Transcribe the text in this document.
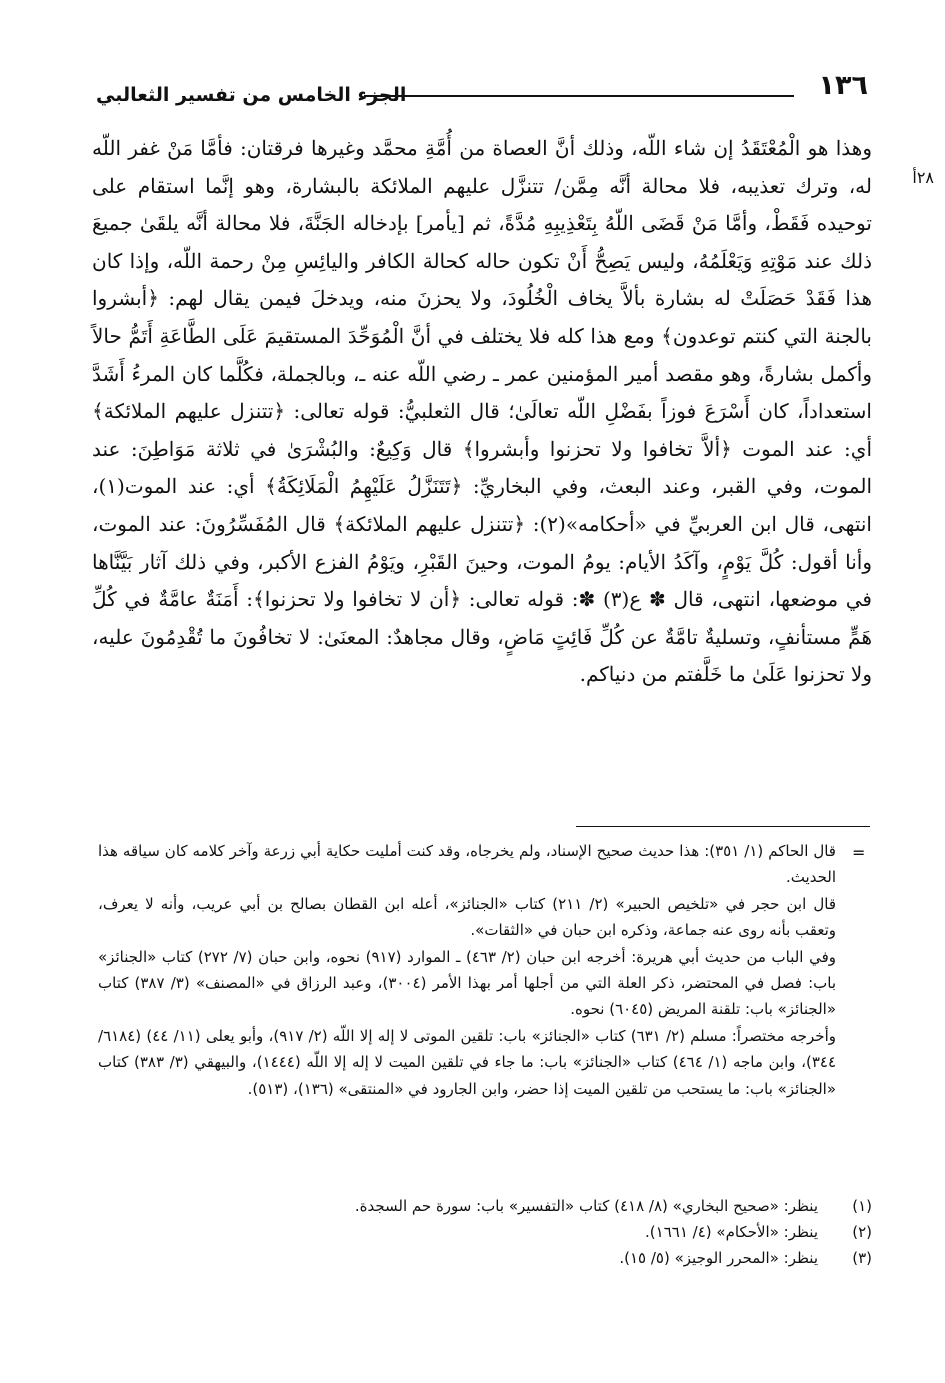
١٣٦
الجزء الخامس من تفسير الثعالبي
٢٨أ

وهذا هو الْمُعْتَقَدُ إن شاء اللّه، وذلك أنَّ العصاة من أُمَّةِ محمَّد وغيرها فرقتان: فأمَّا مَنْ غفر اللّه له، وترك تعذيبه، فلا محالة أنَّه مِمَّن/ تتنزَّل عليهم الملائكة بالبشارة، وهو إنَّما استقام على توحيده فَقَطْ، وأمَّا مَنْ قَضَى اللّهُ بِتَعْذِيبِهِ مُدَّةً، ثم [يأمر] بإدخاله الجَنَّةَ، فلا محالة أنَّه يلقَىٰ جميعَ ذلك عند مَوْتِهِ وَيَعْلَمُهُ، وليس يَصِحُّ أَنْ تكون حاله كحالة الكافر واليائِسِ مِنْ رحمة اللّه، وإذا كان هذا فَقَدْ حَصَلَتْ له بشارة بألاَّ يخاف الْخُلُودَ، ولا يحزنَ منه، ويدخلَ فيمن يقال لهم: ﴿أبشروا بالجنة التي كنتم توعدون﴾ ومع هذا كله فلا يختلف في أنَّ الْمُوَحِّدَ المستقيمَ عَلَى الطَّاعَةِ أَتَمُّ حالاً وأكمل بشارةً، وهو مقصد أمير المؤمنين عمر ـ رضي اللّه عنه ـ، وبالجملة، فكُلَّما كان المرءُ أَشَدَّ استعداداً، كان أَسْرَعَ فوزاً بفَضْلِ اللّه تعالَىٰ؛ قال الثعلبيُّ: قوله تعالى: ﴿تتنزل عليهم الملائكة﴾ أي: عند الموت ﴿ألاَّ تخافوا ولا تحزنوا وأبشروا﴾ قال وَكِيعٌ: والبُشْرَىٰ في ثلاثة مَوَاطِنَ: عند الموت، وفي القبر، وعند البعث، وفي البخاريِّ: ﴿تَتَنَزَّلُ عَلَيْهِمُ الْمَلَائِكَةُ﴾ أي: عند الموت(١)، انتهى، قال ابن العربيِّ في «أحكامه»(٢): ﴿تتنزل عليهم الملائكة﴾ قال المُفَسِّرُونَ: عند الموت، وأنا أقول: كُلَّ يَوْمٍ، وآكَدُ الأيام: يومُ الموت، وحينَ القَبْرِ، ويَوْمُ الفزع الأكبر، وفي ذلك آثار بَيَّنَّاها في موضعها، انتهى، قال ✽ ع(٣) ✽: قوله تعالى: ﴿أن لا تخافوا ولا تحزنوا﴾: أَمَنَةٌ عامَّةٌ في كُلِّ هَمٍّ مستأنفٍ، وتسليةٌ تامَّةٌ عن كُلِّ فَائِتٍ مَاضٍ، وقال مجاهدٌ: المعنَىٰ: لا تخافُونَ ما تُقْدِمُونَ عليه، ولا تحزنوا عَلَىٰ ما خَلَّفتم من دنياكم.

=

قال الحاكم (١/ ٣٥١): هذا حديث صحيح الإسناد، ولم يخرجاه، وقد كنت أمليت حكاية أبي زرعة وآخر كلامه كان سياقه هذا الحديث.

قال ابن حجر في «تلخيص الحبير» (٢/ ٢١١) كتاب «الجنائز»، أعله ابن القطان بصالح بن أبي عريب، وأنه لا يعرف، وتعقب بأنه روى عنه جماعة، وذكره ابن حبان في «الثقات».

وفي الباب من حديث أبي هريرة: أخرجه ابن حبان (٢/ ٤٦٣) ـ الموارد (٩١٧) نحوه، وابن حبان (٧/ ٢٧٢) كتاب «الجنائز» باب: فصل في المحتضر، ذكر العلة التي من أجلها أمر بهذا الأمر (٣٠٠٤)، وعبد الرزاق في «المصنف» (٣/ ٣٨٧) كتاب «الجنائز» باب: تلقنة المريض (٦٠٤٥) نحوه.

وأخرجه مختصراً: مسلم (٢/ ٦٣١) كتاب «الجنائز» باب: تلقين الموتى لا إله إلا اللّه (٢/ ٩١٧)، وأبو يعلى (١١/ ٤٤) (٦١٨٤/ ٣٤٤)، وابن ماجه (١/ ٤٦٤) كتاب «الجنائز» باب: ما جاء في تلقين الميت لا إله إلا اللّه (١٤٤٤)، والبيهقي (٣/ ٣٨٣) كتاب «الجنائز» باب: ما يستحب من تلقين الميت إذا حضر، وابن الجارود في «المنتقى» (١٣٦)، (٥١٣).

(١)
ينظر: «صحيح البخاري» (٨/ ٤١٨) كتاب «التفسير» باب: سورة حم السجدة.
(٢)
ينظر: «الأحكام» (٤/ ١٦٦١).
(٣)
ينظر: «المحرر الوجيز» (٥/ ١٥).
